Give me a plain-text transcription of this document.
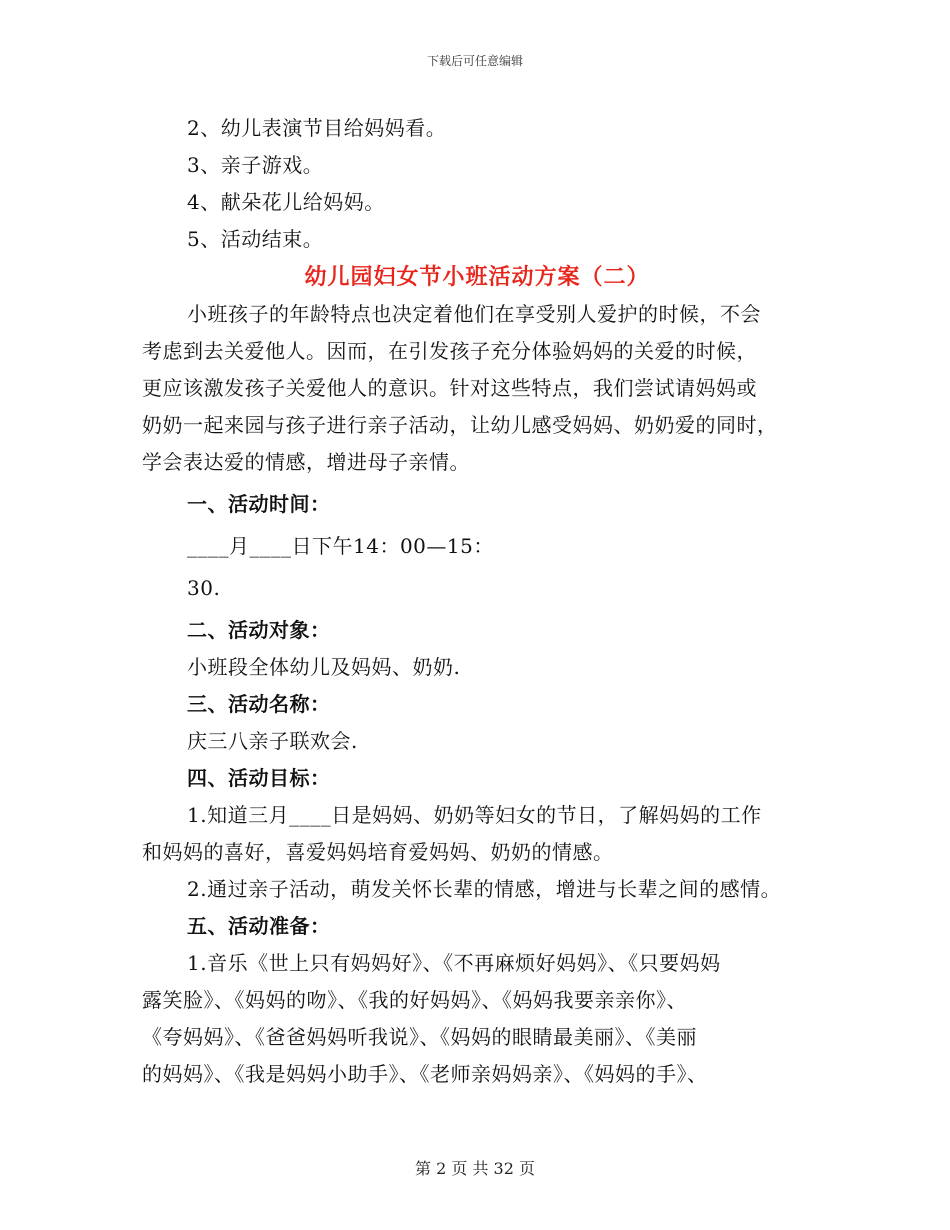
下载后可任意编辑
2、幼儿表演节目给妈妈看。
3、亲子游戏。
4、献朵花儿给妈妈。
5、活动结束。
幼儿园妇女节小班活动方案（二）
小班孩子的年龄特点也决定着他们在享受别人爱护的时候，不会
考虑到去关爱他人。因而，在引发孩子充分体验妈妈的关爱的时候，
更应该激发孩子关爱他人的意识。针对这些特点，我们尝试请妈妈或
奶奶一起来园与孩子进行亲子活动，让幼儿感受妈妈、奶奶爱的同时，
学会表达爱的情感，增进母子亲情。
一、活动时间：
____月____日下午14：00—15：
30.
二、活动对象：
小班段全体幼儿及妈妈、奶奶.
三、活动名称：
庆三八亲子联欢会.
四、活动目标：
1.知道三月____日是妈妈、奶奶等妇女的节日，了解妈妈的工作
和妈妈的喜好，喜爱妈妈培育爱妈妈、奶奶的情感。
2.通过亲子活动，萌发关怀长辈的情感，增进与长辈之间的感情。
五、活动准备：
1.音乐《世上只有妈妈好》、《不再麻烦好妈妈》、《只要妈妈
露笑脸》、《妈妈的吻》、《我的好妈妈》、《妈妈我要亲亲你》、
《夸妈妈》、《爸爸妈妈听我说》、《妈妈的眼睛最美丽》、《美丽
的妈妈》、《我是妈妈小助手》、《老师亲妈妈亲》、《妈妈的手》、
第 2 页 共 32 页
